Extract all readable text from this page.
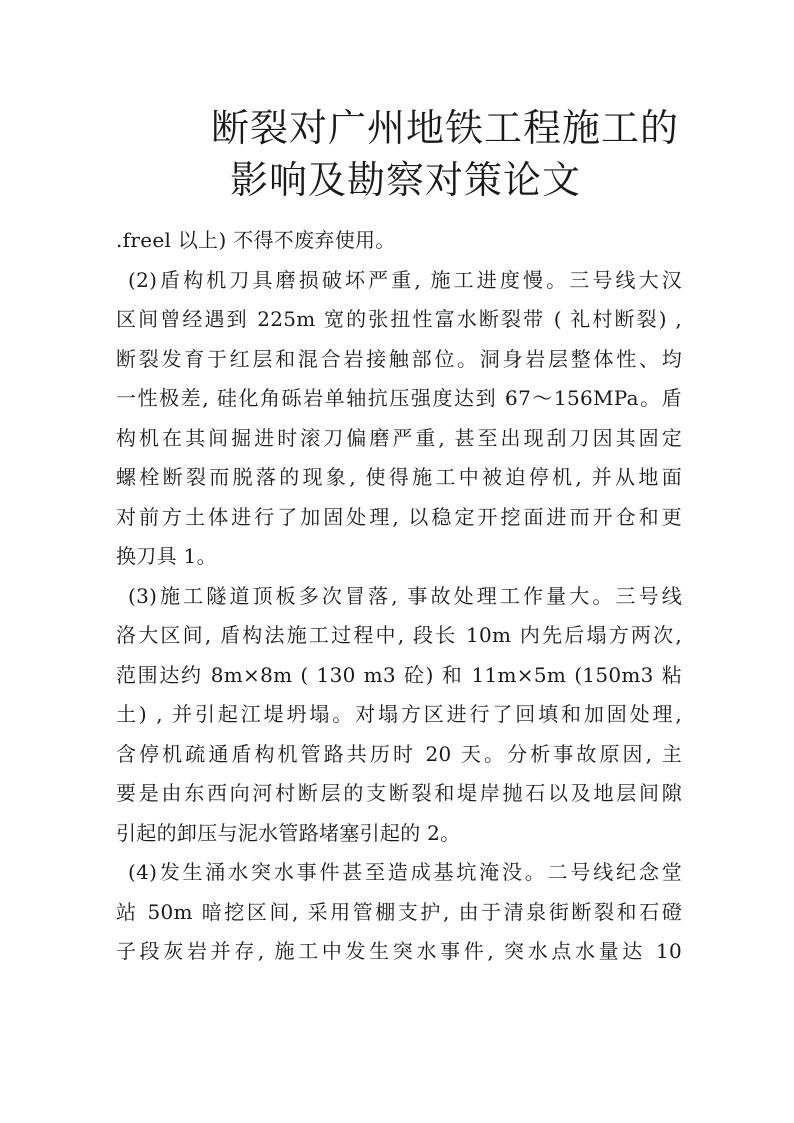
断裂对广州地铁工程施工的
影响及勘察对策论文
.freel 以上) 不得不废弃使用。
(2)盾构机刀具磨损破坏严重, 施工进度慢。三号线大汉
区间曾经遇到 225m 宽的张扭性富水断裂带 ( 礼村断裂) ,
断裂发育于红层和混合岩接触部位。洞身岩层整体性、均
一性极差, 硅化角砾岩单轴抗压强度达到 67～156MPa。盾
构机在其间掘进时滚刀偏磨严重, 甚至出现刮刀因其固定
螺栓断裂而脱落的现象, 使得施工中被迫停机, 并从地面
对前方土体进行了加固处理, 以稳定开挖面进而开仓和更
换刀具 1。
(3)施工隧道顶板多次冒落, 事故处理工作量大。三号线
洛大区间, 盾构法施工过程中, 段长 10m 内先后塌方两次,
范围达约 8m×8m ( 130 m3 砼) 和 11m×5m (150m3 粘
土) , 并引起江堤坍塌。对塌方区进行了回填和加固处理,
含停机疏通盾构机管路共历时 20 天。分析事故原因, 主
要是由东西向河村断层的支断裂和堤岸抛石以及地层间隙
引起的卸压与泥水管路堵塞引起的 2。
(4)发生涌水突水事件甚至造成基坑淹没。二号线纪念堂
站 50m 暗挖区间, 采用管棚支护, 由于清泉街断裂和石磴
子段灰岩并存, 施工中发生突水事件, 突水点水量达 10
